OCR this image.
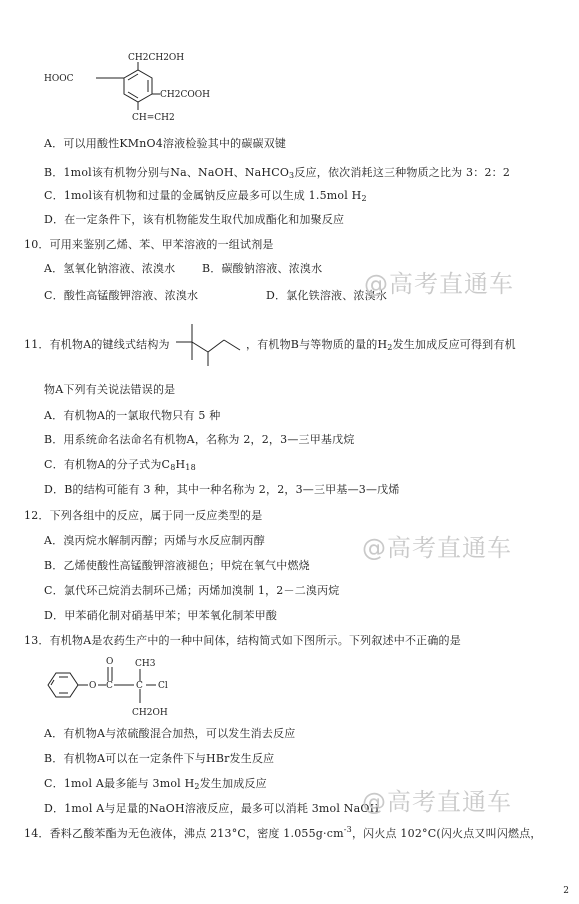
CH2CH2OH
HOOC
CH2COOH
CH=CH2
A．可以用酸性KMnO4溶液检验其中的碳碳双键
B．1mol该有机物分别与Na、NaOH、NaHCO$_3$反应，依次消耗这三种物质之比为 3：2：2
C．1mol该有机物和过量的金属钠反应最多可以生成 1.5mol $H_2$
D．在一定条件下，该有机物能发生取代加成酯化和加聚反应
10．可用来鉴别乙烯、苯、甲苯溶液的一组试剂是
A．氢氧化钠溶液、浓溴水 B．碳酸钠溶液、浓溴水
C．酸性高锰酸钾溶液、浓溴水	D．氯化铁溶液、浓溴水
11．有机物A的键线式结构为	，有机物B与等物质的量的$H_2$发生加成反应可得到有机
物A下列有关说法错误的是
A．有机物A的一氯取代物只有 5 种
B．用系统命名法命名有机物A，名称为 2，2，3—三甲基戊烷
C．有机物A的分子式为$C_8H_{18}$
D．B的结构可能有 3 种，其中一种名称为 2，2，3—三甲基—3—戊烯
12．下列各组中的反应，属于同一反应类型的是
A．溴丙烷水解制丙醇；丙烯与水反应制丙醇
B．乙烯使酸性高锰酸钾溶液褪色；甲烷在氧气中燃烧
C．氯代环己烷消去制环己烯；丙烯加溴制 1，2－二溴丙烷
D．甲苯硝化制对硝基甲苯；甲苯氧化制苯甲酸
13．有机物A是农药生产中的一种中间体，结构简式如下图所示。下列叙述中不正确的是
O CH3
O C	C Cl
CH2OH
A．有机物A与浓硫酸混合加热，可以发生消去反应
B．有机物A可以在一定条件下与HBr发生反应
C．1mol A最多能与 3mol $H_2$发生加成反应
D．1mol A与足量的NaOH溶液反应，最多可以消耗 3mol NaOH
14．香料乙酸苯酯为无色液体，沸点 213°C，密度 $1.055g\cdot cm^{-3}$，闪火点 102°C(闪火点又叫闪燃点，
@高考直通车
@高考直通车
@高考直通车
2
